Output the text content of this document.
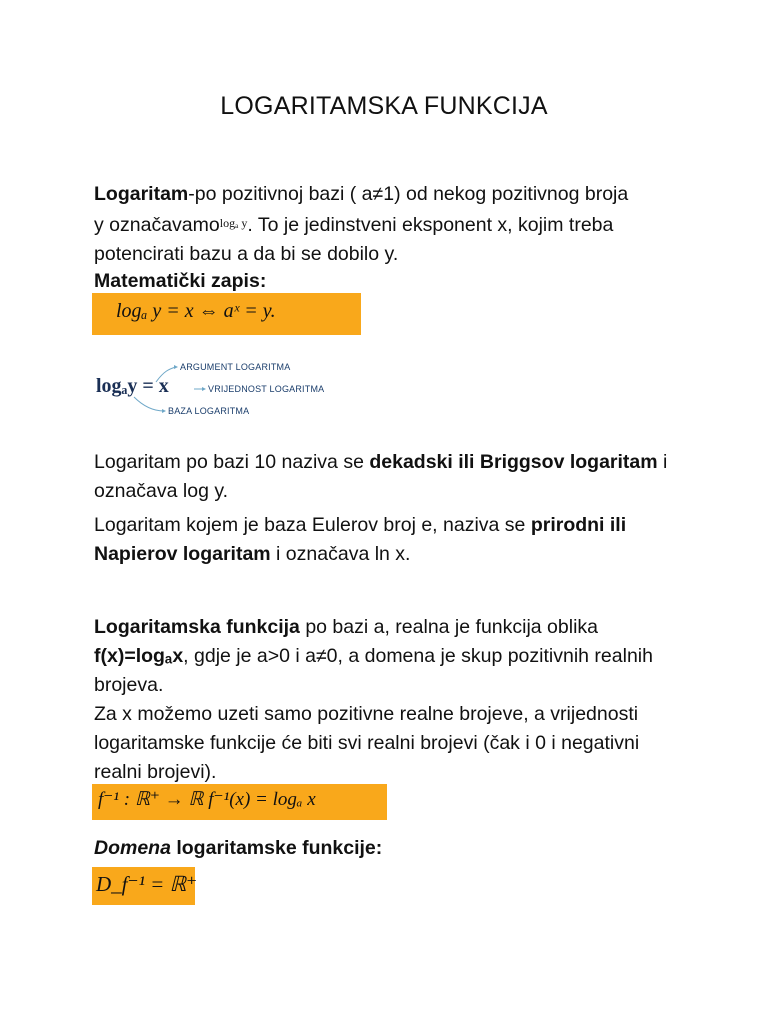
LOGARITAMSKA FUNKCIJA
Logaritam-po pozitivnoj bazi ( a≠1) od nekog pozitivnog broja
y označavamo$^{log_a y}$. To je jedinstveni eksponent x, kojim treba
potencirati bazu a da bi se dobilo y.
Matematički zapis:
logₐ y = x ⇔ aˣ = y.
logₐy = x
ARGUMENT LOGARITMA
VRIJEDNOST LOGARITMA
BAZA LOGARITMA
Logaritam po bazi 10 naziva se dekadski ili Briggsov logaritam i
označava log y.
Logaritam kojem je baza Eulerov broj e, naziva se prirodni ili
Napierov logaritam i označava ln x.
Logaritamska funkcija po bazi a, realna je funkcija oblika
f(x)=logₐx, gdje je a>0 i a≠0, a domena je skup pozitivnih realnih
brojeva.
Za x možemo uzeti samo pozitivne realne brojeve, a vrijednosti
logaritamske funkcije će biti svi realni brojevi (čak i 0 i negativni
realni brojevi).
f⁻¹ : ℝ⁺ → ℝ f⁻¹(x) = logₐ x
Domena logaritamske funkcije:
D_f⁻¹ = ℝ⁺
